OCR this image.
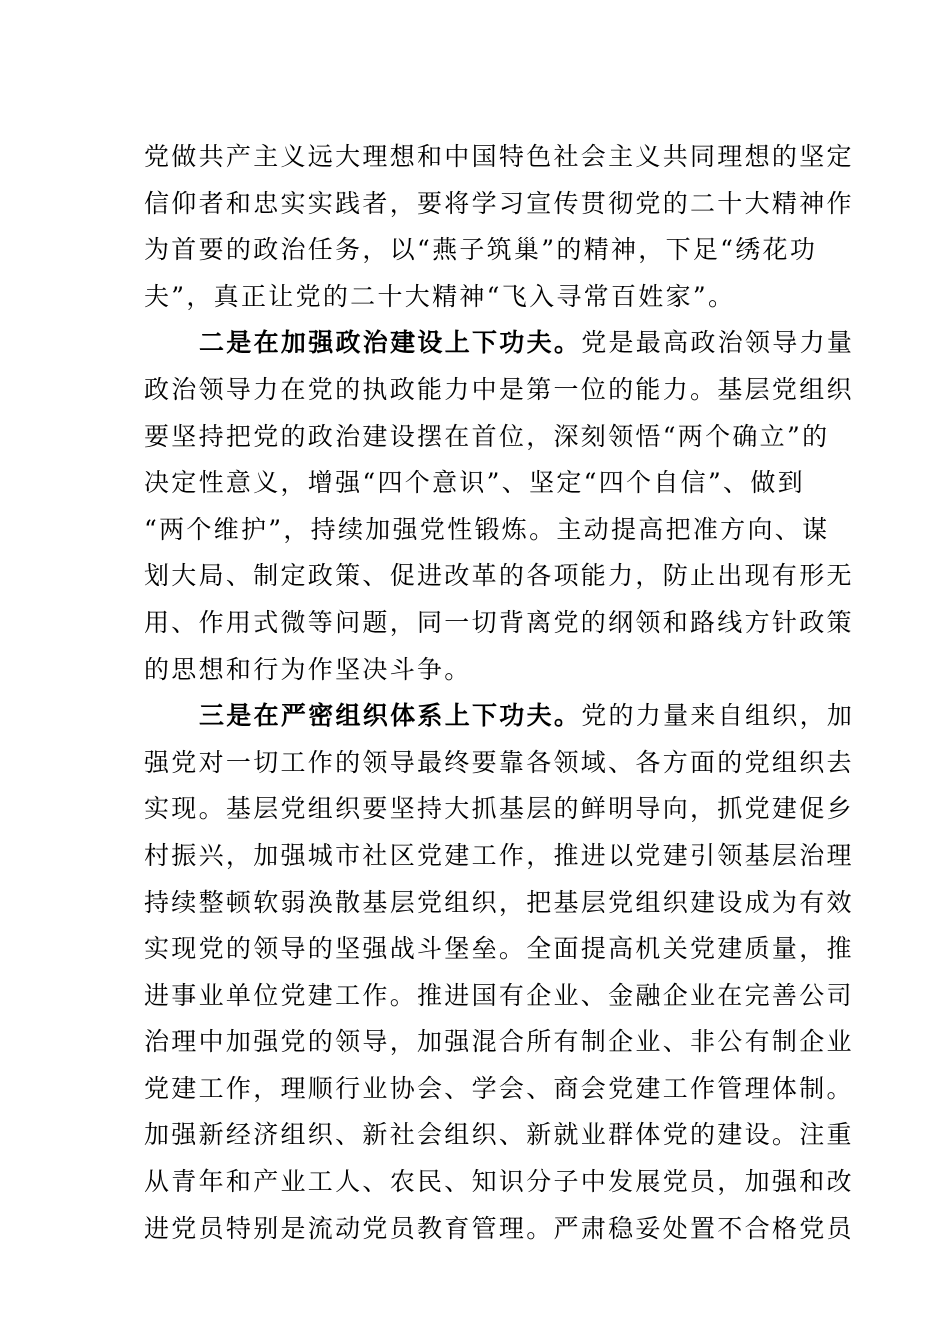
党做共产主义远大理想和中国特色社会主义共同理想的坚定
信仰者和忠实实践者，要将学习宣传贯彻党的二十大精神作
为首要的政治任务，以“燕子筑巢”的精神，下足“绣花功
夫”，真正让党的二十大精神“飞入寻常百姓家”。
二是在加强政治建设上下功夫。党是最高政治领导力量
政治领导力在党的执政能力中是第一位的能力。基层党组织
要坚持把党的政治建设摆在首位，深刻领悟“两个确立”的
决定性意义，增强“四个意识”、坚定“四个自信”、做到
“两个维护”，持续加强党性锻炼。主动提高把准方向、谋
划大局、制定政策、促进改革的各项能力，防止出现有形无
用、作用式微等问题，同一切背离党的纲领和路线方针政策
的思想和行为作坚决斗争。
三是在严密组织体系上下功夫。党的力量来自组织，加
强党对一切工作的领导最终要靠各领域、各方面的党组织去
实现。基层党组织要坚持大抓基层的鲜明导向，抓党建促乡
村振兴，加强城市社区党建工作，推进以党建引领基层治理
持续整顿软弱涣散基层党组织，把基层党组织建设成为有效
实现党的领导的坚强战斗堡垒。全面提高机关党建质量，推
进事业单位党建工作。推进国有企业、金融企业在完善公司
治理中加强党的领导，加强混合所有制企业、非公有制企业
党建工作，理顺行业协会、学会、商会党建工作管理体制。
加强新经济组织、新社会组织、新就业群体党的建设。注重
从青年和产业工人、农民、知识分子中发展党员，加强和改
进党员特别是流动党员教育管理。严肃稳妥处置不合格党员
